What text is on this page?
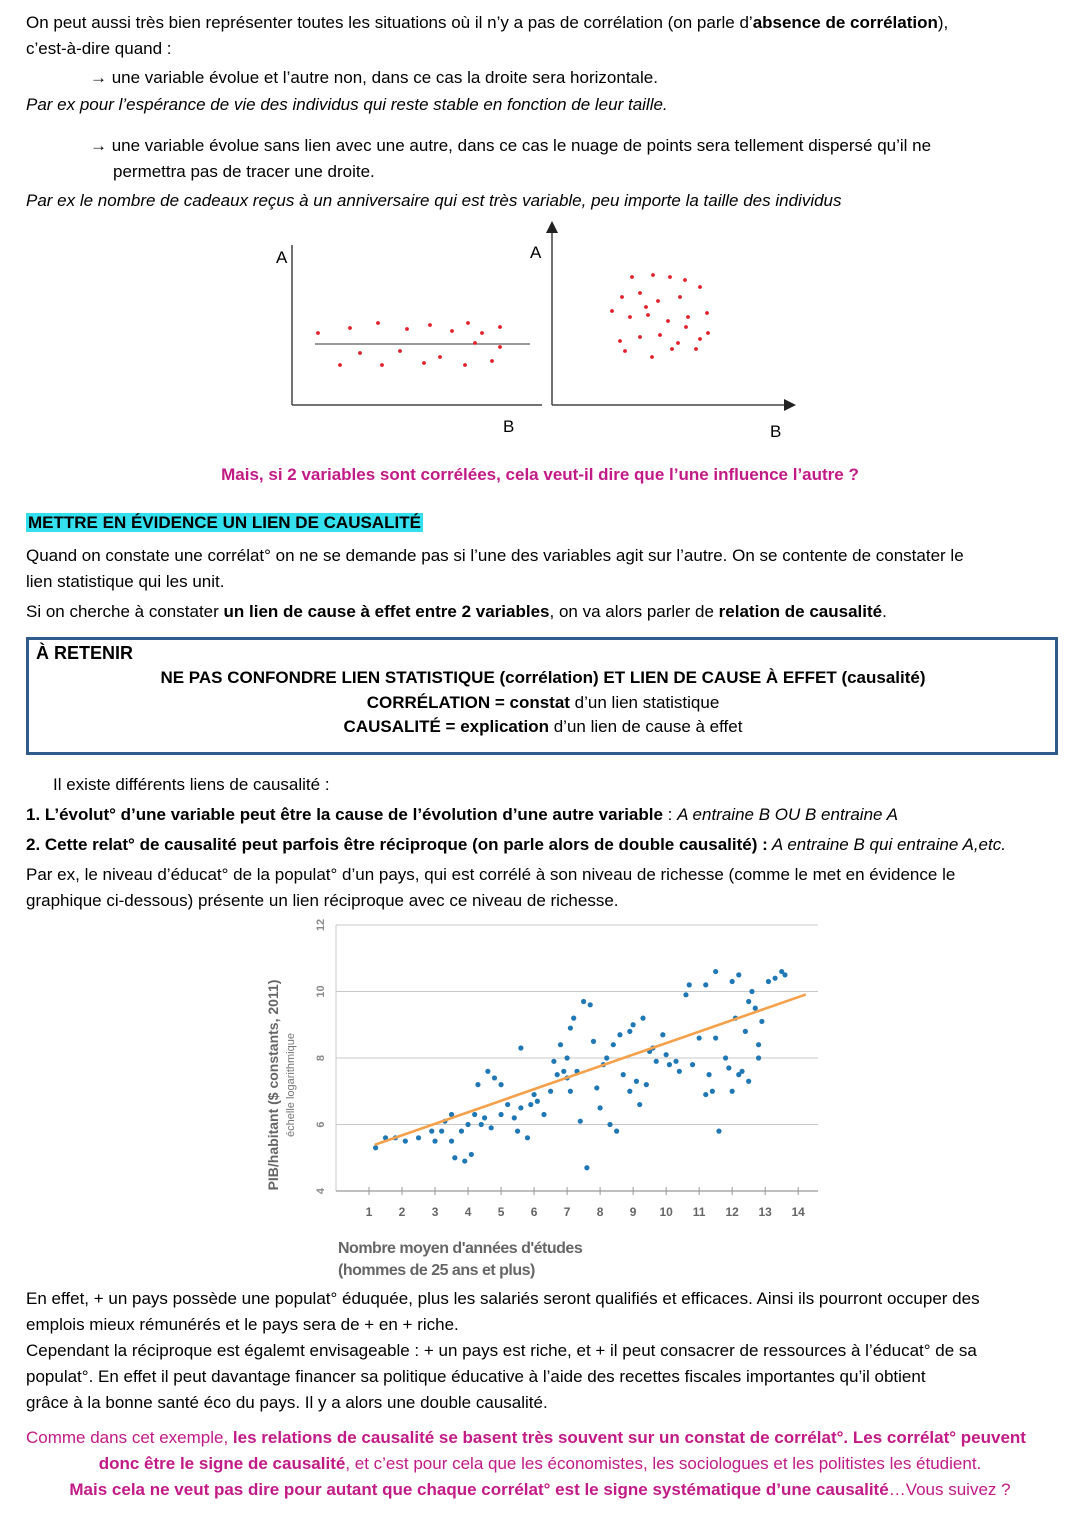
On peut aussi très bien représenter toutes les situations où il n’y a pas de corrélation (on parle d’absence de corrélation),
c’est-à-dire quand :
→ une variable évolue et l’autre non, dans ce cas la droite sera horizontale.
Par ex pour l’espérance de vie des individus qui reste stable en fonction de leur taille.
→ une variable évolue sans lien avec une autre, dans ce cas le nuage de points sera tellement dispersé qu’il ne
permettra pas de tracer une droite.
Par ex le nombre de cadeaux reçus à un anniversaire qui est très variable, peu importe la taille des individus
A
B
A
B
Mais, si 2 variables sont corrélées, cela veut-il dire que l’une influence l’autre ?
METTRE EN ÉVIDENCE UN LIEN DE CAUSALITÉ
Quand on constate une corrélat° on ne se demande pas si l’une des variables agit sur l’autre. On se contente de constater le
lien statistique qui les unit.
Si on cherche à constater un lien de cause à effet entre 2 variables, on va alors parler de relation de causalité.
À RETENIR
NE PAS CONFONDRE LIEN STATISTIQUE (corrélation) ET LIEN DE CAUSE À EFFET (causalité)
CORRÉLATION = constat d’un lien statistique
CAUSALITÉ = explication d’un lien de cause à effet
Il existe différents liens de causalité :
1. L’évolut° d’une variable peut être la cause de l’évolution d’une autre variable : A entraine B OU B entraine A
2. Cette relat° de causalité peut parfois être réciproque (on parle alors de double causalité) : A entraine B qui entraine A,etc.
Par ex, le niveau d’éducat° de la populat° d’un pays, qui est corrélé à son niveau de richesse (comme le met en évidence le
graphique ci-dessous) présente un lien réciproque avec ce niveau de richesse.
4
6
8
10
12
1 2 3 4 5 6 7 8 9 10 11 12 13 14
PIB/habitant ($ constants, 2011) échelle logarithmique
Nombre moyen d'années d'études
(hommes de 25 ans et plus)
En effet, + un pays possède une populat° éduquée, plus les salariés seront qualifiés et efficaces. Ainsi ils pourront occuper des
emplois mieux rémunérés et le pays sera de + en + riche.
Cependant la réciproque est égalemt envisageable : + un pays est riche, et + il peut consacrer de ressources à l’éducat° de sa
populat°. En effet il peut davantage financer sa politique éducative à l’aide des recettes fiscales importantes qu’il obtient
grâce à la bonne santé éco du pays. Il y a alors une double causalité.
Comme dans cet exemple, les relations de causalité se basent très souvent sur un constat de corrélat°. Les corrélat° peuvent
donc être le signe de causalité, et c’est pour cela que les économistes, les sociologues et les politistes les étudient.
Mais cela ne veut pas dire pour autant que chaque corrélat° est le signe systématique d’une causalité…Vous suivez ?
